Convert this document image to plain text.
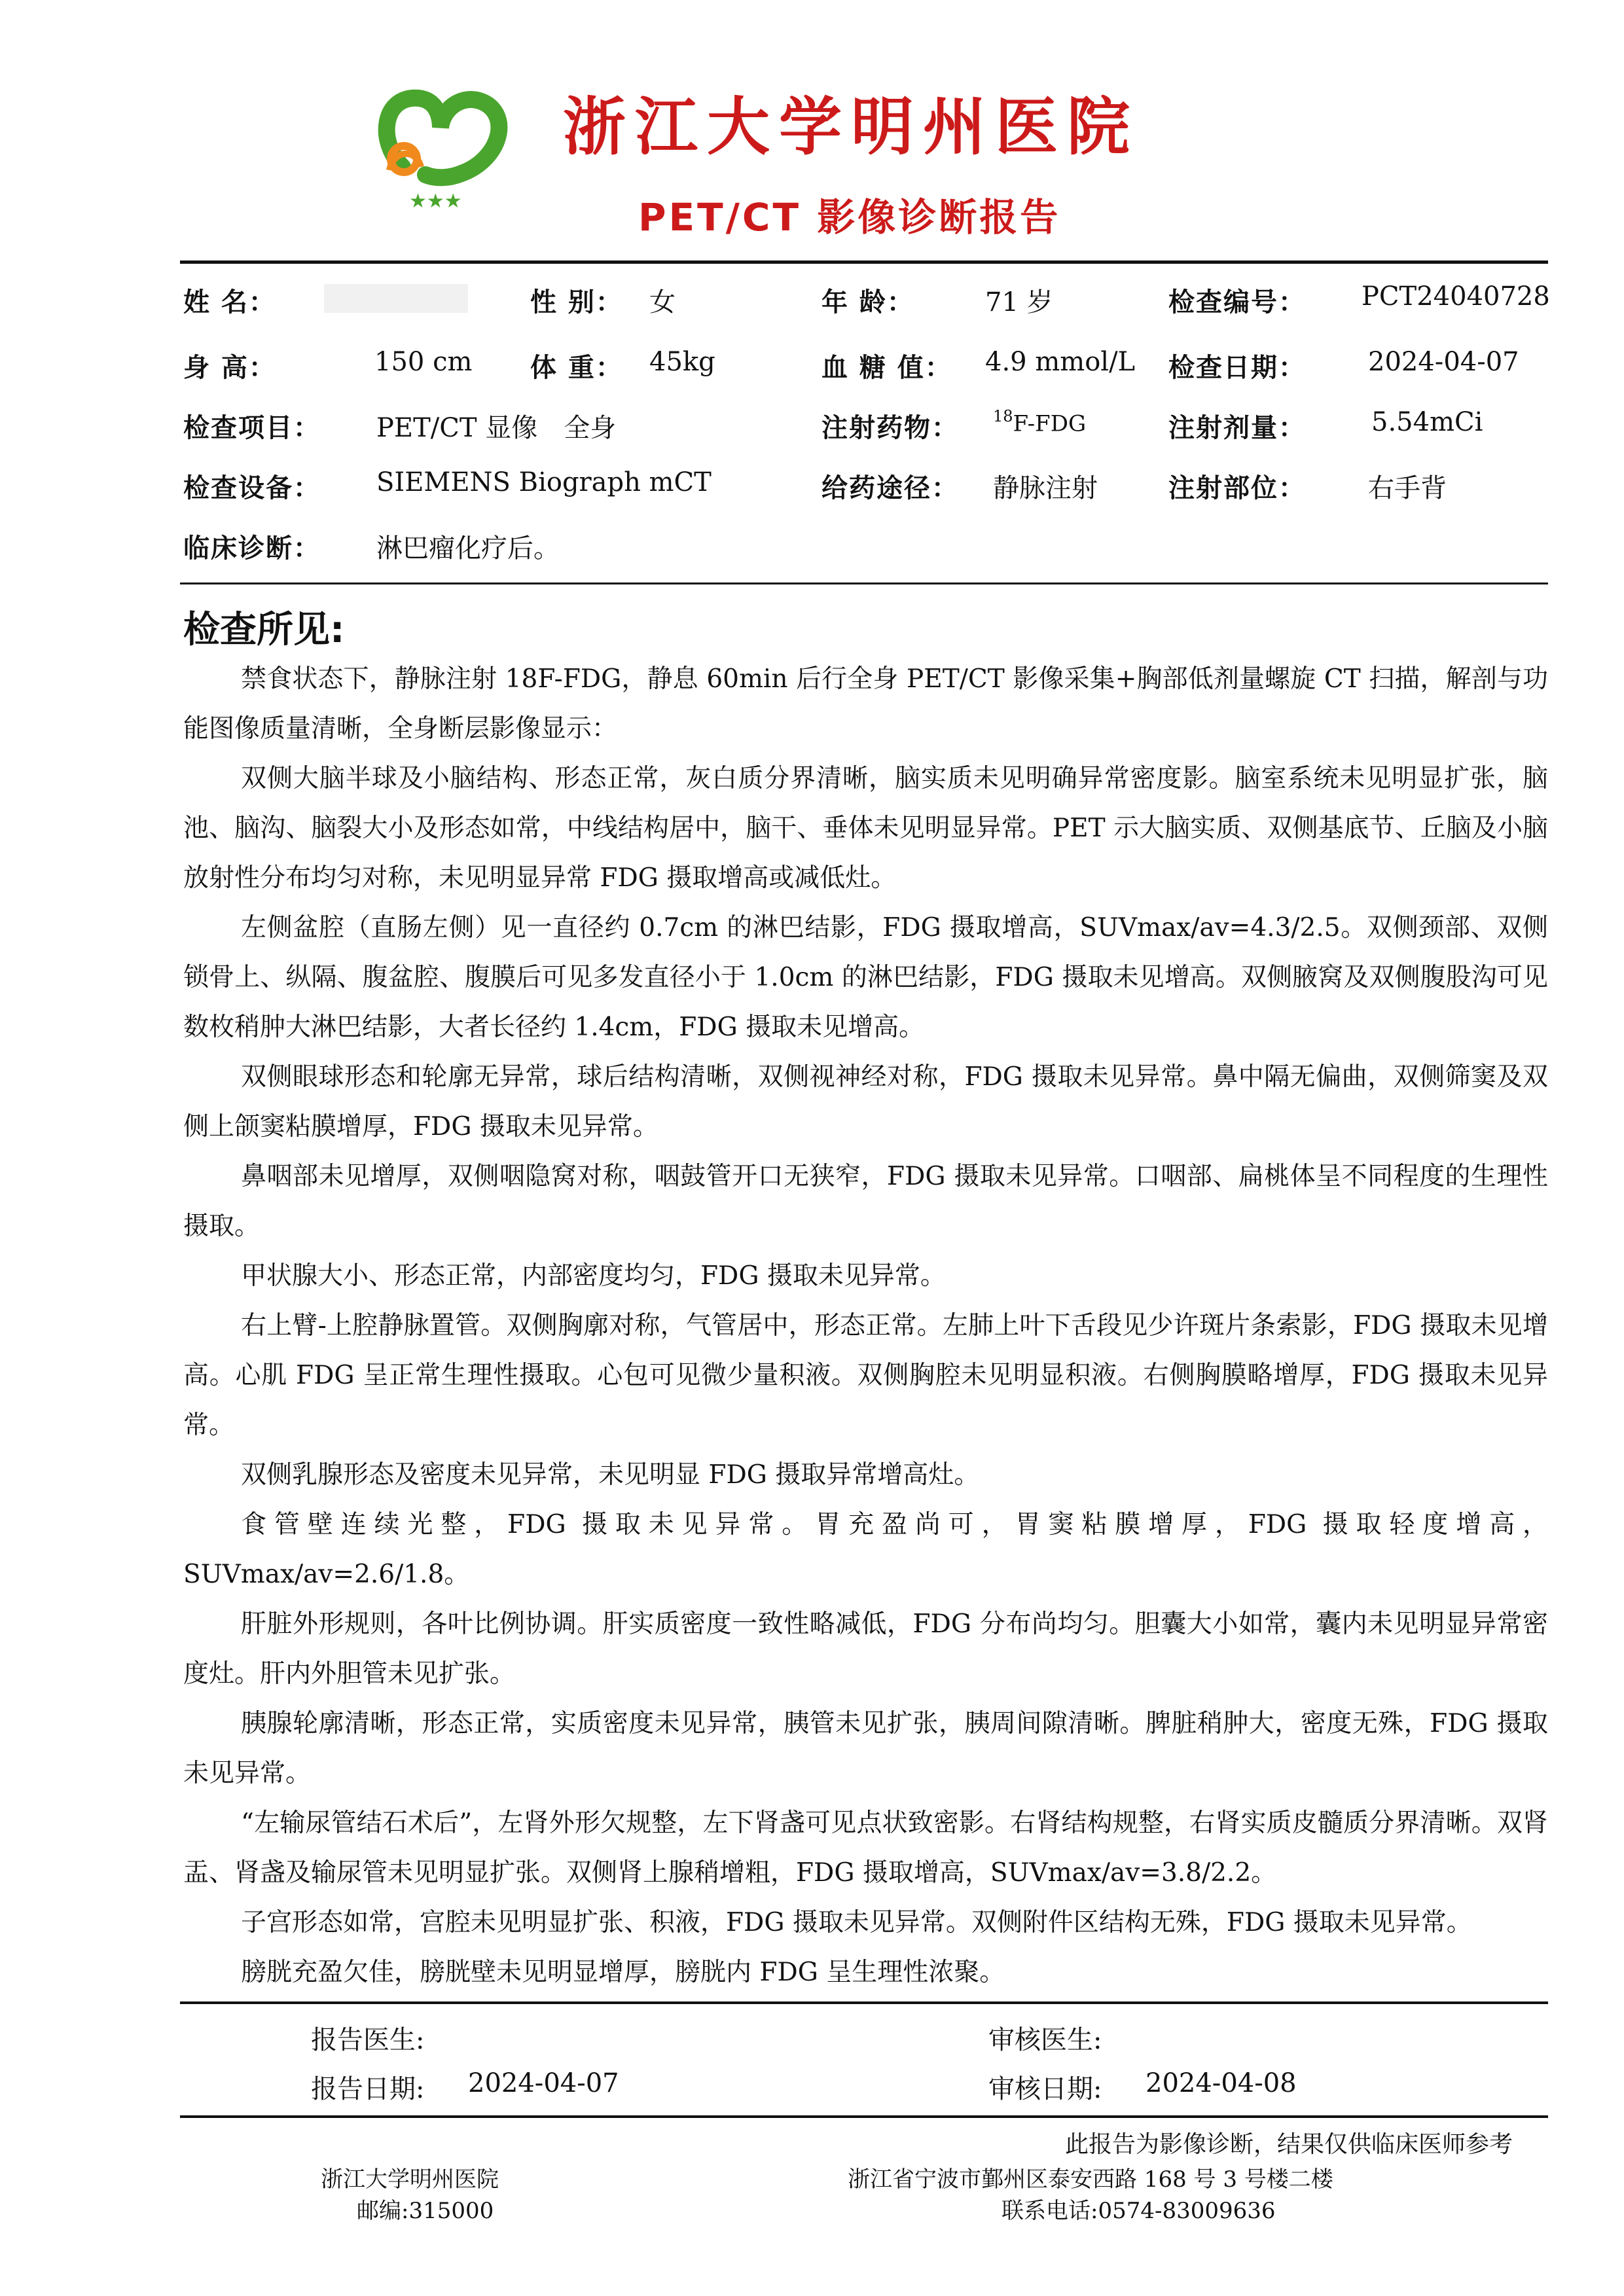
★★★
浙江大学明州医院
PET/CT 影像诊断报告
姓 名：	性 别： 女	年 龄：	71 岁	检查编号： PCT24040728
身 高：	150 cm 体 重： 45kg	血 糖 值： 4.9 mmol/L 检查日期： 2024-04-07
检查项目： PET/CT 显像　全身	注射药物： $^{18}$F-FDG	注射剂量：	5.54mCi
检查设备： SIEMENS Biograph mCT	给药途径： 静脉注射	注射部位： 右手背
临床诊断： 淋巴瘤化疗后。
检查所见:

禁食状态下，静脉注射 18F-FDG，静息 60min 后行全身 PET/CT 影像采集+胸部低剂量螺旋 CT 扫描，解剖与功能图像质量清晰，全身断层影像显示：

双侧大脑半球及小脑结构、形态正常，灰白质分界清晰，脑实质未见明确异常密度影。脑室系统未见明显扩张，脑池、脑沟、脑裂大小及形态如常，中线结构居中，脑干、垂体未见明显异常。PET 示大脑实质、双侧基底节、丘脑及小脑放射性分布均匀对称，未见明显异常 FDG 摄取增高或减低灶。

左侧盆腔（直肠左侧）见一直径约 0.7cm 的淋巴结影，FDG 摄取增高，SUVmax/av=4.3/2.5。双侧颈部、双侧锁骨上、纵隔、腹盆腔、腹膜后可见多发直径小于 1.0cm 的淋巴结影，FDG 摄取未见增高。双侧腋窝及双侧腹股沟可见数枚稍肿大淋巴结影，大者长径约 1.4cm，FDG 摄取未见增高。

双侧眼球形态和轮廓无异常，球后结构清晰，双侧视神经对称，FDG 摄取未见异常。鼻中隔无偏曲，双侧筛窦及双侧上颌窦粘膜增厚，FDG 摄取未见异常。

鼻咽部未见增厚，双侧咽隐窝对称，咽鼓管开口无狭窄，FDG 摄取未见异常。口咽部、扁桃体呈不同程度的生理性摄取。

甲状腺大小、形态正常，内部密度均匀，FDG 摄取未见异常。

右上臂-上腔静脉置管。双侧胸廓对称，气管居中，形态正常。左肺上叶下舌段见少许斑片条索影，FDG 摄取未见增高。心肌 FDG 呈正常生理性摄取。心包可见微少量积液。双侧胸腔未见明显积液。右侧胸膜略增厚，FDG 摄取未见异常。

双侧乳腺形态及密度未见异常，未见明显 FDG 摄取异常增高灶。

食管壁连续光整，FDG 摄取未见异常。胃充盈尚可，胃窦粘膜增厚，FDG 摄取轻度增高，SUVmax/av=2.6/1.8。

肝脏外形规则，各叶比例协调。肝实质密度一致性略减低，FDG 分布尚均匀。胆囊大小如常，囊内未见明显异常密度灶。肝内外胆管未见扩张。

胰腺轮廓清晰，形态正常，实质密度未见异常，胰管未见扩张，胰周间隙清晰。脾脏稍肿大，密度无殊，FDG 摄取未见异常。

“左输尿管结石术后”，左肾外形欠规整，左下肾盏可见点状致密影。右肾结构规整，右肾实质皮髓质分界清晰。双肾盂、肾盏及输尿管未见明显扩张。双侧肾上腺稍增粗，FDG 摄取增高，SUVmax/av=3.8/2.2。

子宫形态如常，宫腔未见明显扩张、积液，FDG 摄取未见异常。双侧附件区结构无殊，FDG 摄取未见异常。

膀胱充盈欠佳，膀胱壁未见明显增厚，膀胱内 FDG 呈生理性浓聚。

报告医生:	审核医生:
报告日期: 2024-04-07	审核日期: 2024-04-08
此报告为影像诊断，结果仅供临床医师参考
浙江大学明州医院
邮编:315000
浙江省宁波市鄞州区泰安西路 168 号 3 号楼二楼
联系电话:0574-83009636
